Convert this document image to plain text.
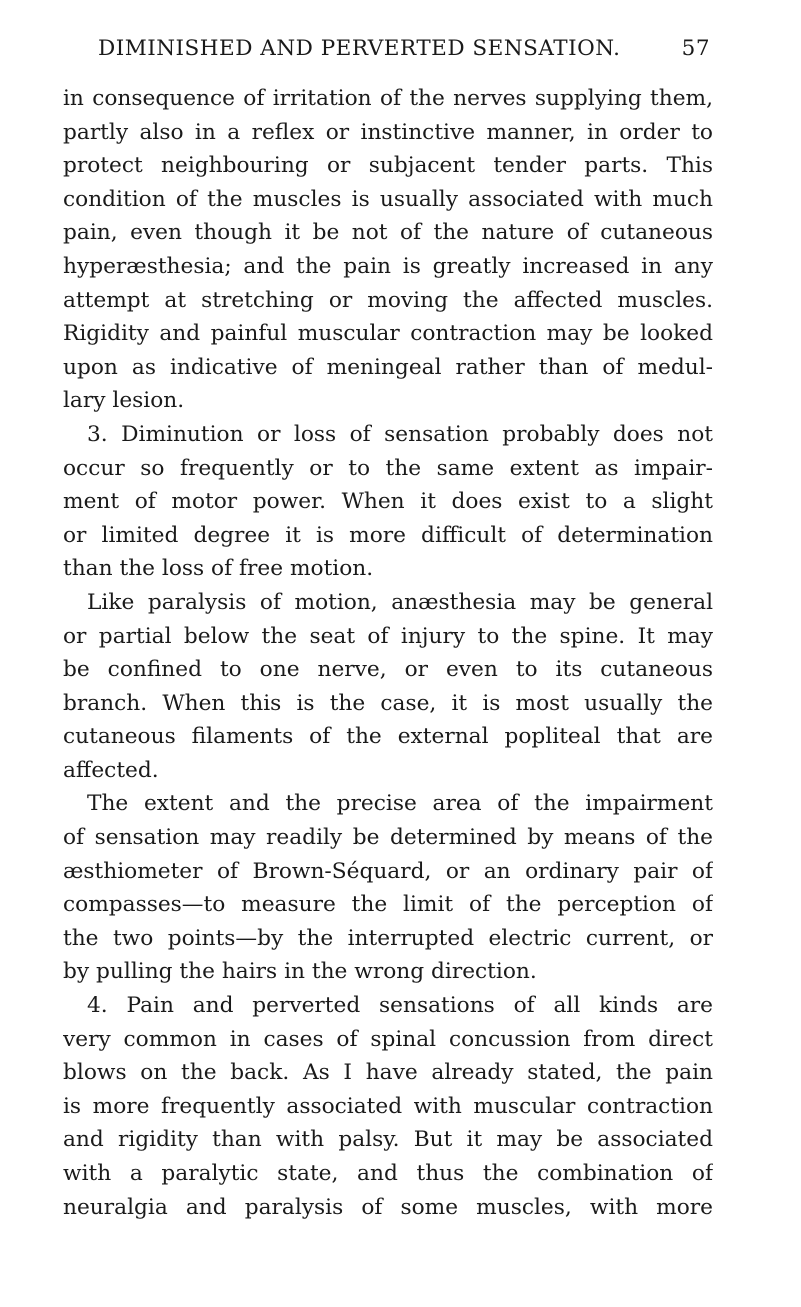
DIMINISHED AND PERVERTED SENSATION.	57
in consequence of irritation of the nerves supplying them,
partly also in a reflex or instinctive manner, in order to
protect neighbouring or subjacent tender parts. This
condition of the muscles is usually associated with much
pain, even though it be not of the nature of cutaneous
hyperæsthesia; and the pain is greatly increased in any
attempt at stretching or moving the affected muscles.
Rigidity and painful muscular contraction may be looked
upon as indicative of meningeal rather than of medul-
lary lesion.
3. Diminution or loss of sensation probably does not
occur so frequently or to the same extent as impair-
ment of motor power. When it does exist to a slight
or limited degree it is more difficult of determination
than the loss of free motion.
Like paralysis of motion, anæsthesia may be general
or partial below the seat of injury to the spine. It may
be confined to one nerve, or even to its cutaneous
branch. When this is the case, it is most usually the
cutaneous filaments of the external popliteal that are
affected.
The extent and the precise area of the impairment
of sensation may readily be determined by means of the
æsthiometer of Brown-Séquard, or an ordinary pair of
compasses—to measure the limit of the perception of
the two points—by the interrupted electric current, or
by pulling the hairs in the wrong direction.
4. Pain and perverted sensations of all kinds are
very common in cases of spinal concussion from direct
blows on the back. As I have already stated, the pain
is more frequently associated with muscular contraction
and rigidity than with palsy. But it may be associated
with a paralytic state, and thus the combination of
neuralgia and paralysis of some muscles, with more
